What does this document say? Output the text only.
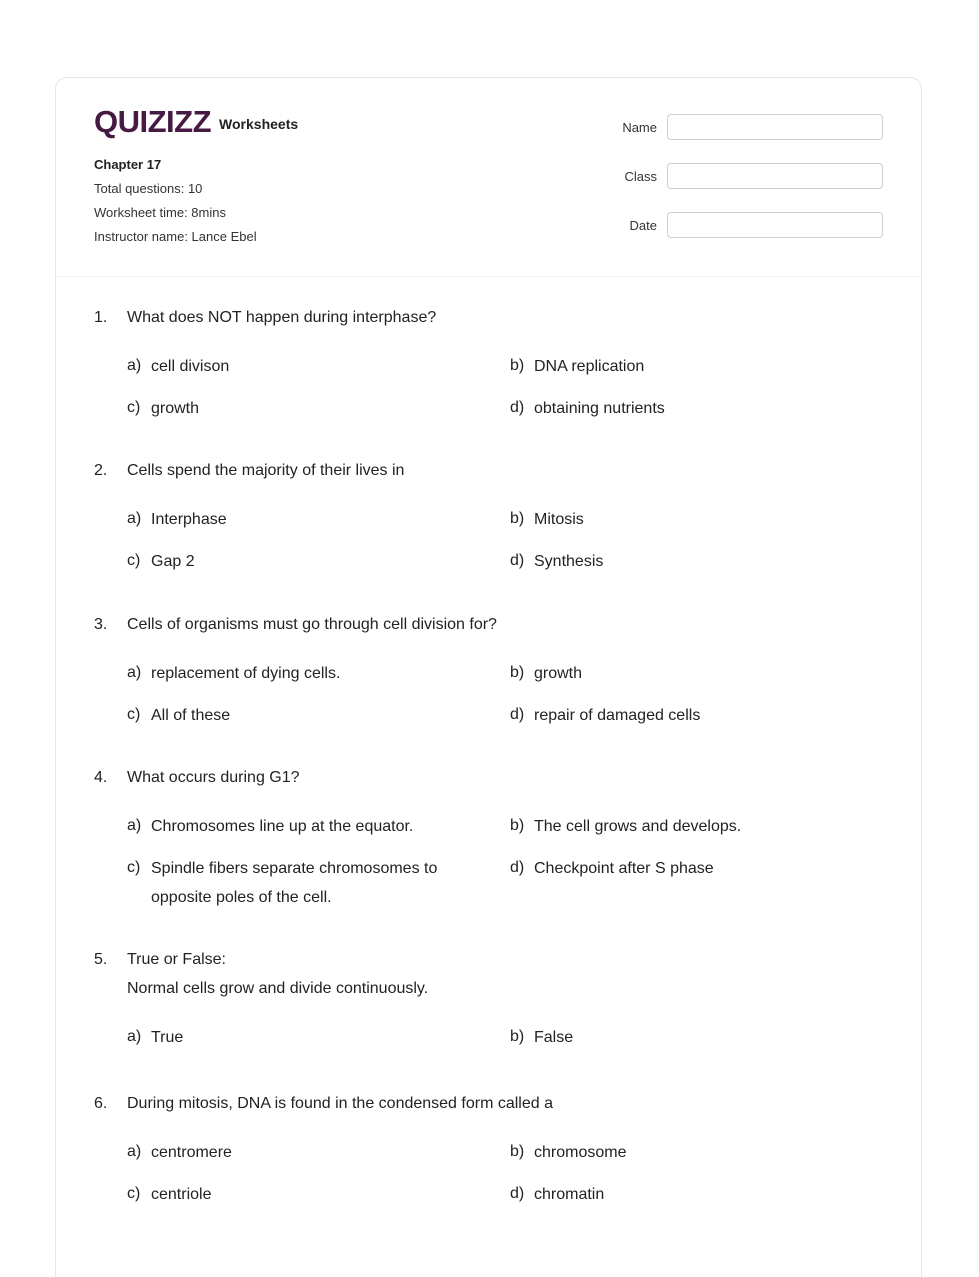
QUIZIZZ Worksheets
Chapter 17
Total questions: 10
Worksheet time: 8mins
Instructor name: Lance Ebel
Name
Class
Date
1.	What does NOT happen during interphase?
a) cell divison	b) DNA replication
c) growth	d) obtaining nutrients
2.	Cells spend the majority of their lives in
a) Interphase	b) Mitosis
c) Gap 2	d) Synthesis
3.	Cells of organisms must go through cell division for?
a) replacement of dying cells.	b) growth
c) All of these	d) repair of damaged cells
4.	What occurs during G1?
a) Chromosomes line up at the equator.	b) The cell grows and develops.
c) Spindle fibers separate chromosomes to opposite poles of the cell.
d) Checkpoint after S phase
5.	True or False:
Normal cells grow and divide continuously.
a) True	b) False
6.	During mitosis, DNA is found in the condensed form called a
a) centromere	b) chromosome
c) centriole	d) chromatin
